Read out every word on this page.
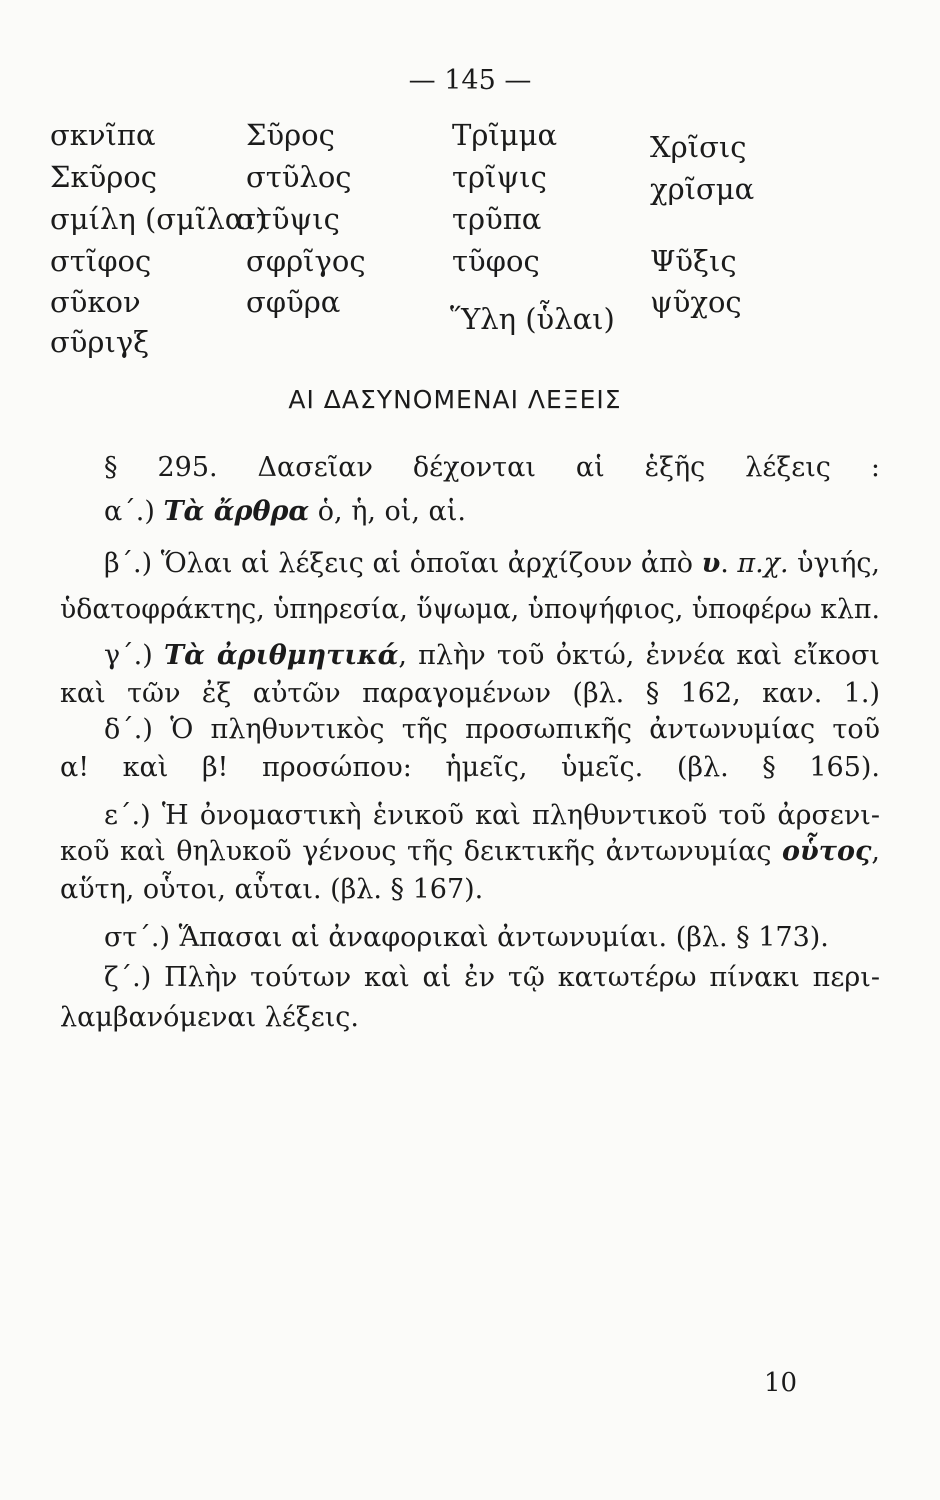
— 145 —
σκνῖπα
Σκῦρος
σμίλη (σμῖλαι)
στῖφος
σῦκον
σῦριγξ
Σῦρος
στῦλος
στῦψις
σφρῖγος
σφῦρα
Τρῖμμα
τρῖψις
τρῦπα
τῦφος
Ὕλη (ὗλαι)
Χρῖσις
χρῖσμα
Ψῦξις
ψῦχος
ΑΙ ΔΑΣΥΝΟΜΕΝΑΙ ΛΕΞΕΙΣ
§ 295. Δασεῖαν δέχονται αἱ ἑξῆς λέξεις :
α΄.) Τὰ ἄρθρα ὁ, ἡ, οἱ, αἱ.
β΄.) Ὅλαι αἱ λέξεις αἱ ὁποῖαι ἀρχίζουν ἀπὸ υ. π.χ. ὑγιής,
ὑδατοφράκτης, ὑπηρεσία, ὕψωμα, ὑποψήφιος, ὑποφέρω κλπ.
γ΄.) Τὰ ἀριθμητικά, πλὴν τοῦ ὀκτώ, ἐννέα καὶ εἴκοσι
καὶ τῶν ἐξ αὐτῶν παραγομένων (βλ. § 162, καν. 1.)
δ΄.) Ὁ πληθυντικὸς τῆς προσωπικῆς ἀντωνυμίας τοῦ
α! καὶ β! προσώπου: ἡμεῖς, ὑμεῖς. (βλ. § 165).
ε΄.) Ἡ ὀνομαστικὴ ἑνικοῦ καὶ πληθυντικοῦ τοῦ ἀρσενι-
κοῦ καὶ θηλυκοῦ γένους τῆς δεικτικῆς ἀντωνυμίας οὗτος,
αὕτη, οὗτοι, αὗται. (βλ. § 167).
στ΄.) Ἅπασαι αἱ ἀναφορικαὶ ἀντωνυμίαι. (βλ. § 173).
ζ΄.) Πλὴν τούτων καὶ αἱ ἐν τῷ κατωτέρω πίνακι περι-
λαμβανόμεναι λέξεις.
10
